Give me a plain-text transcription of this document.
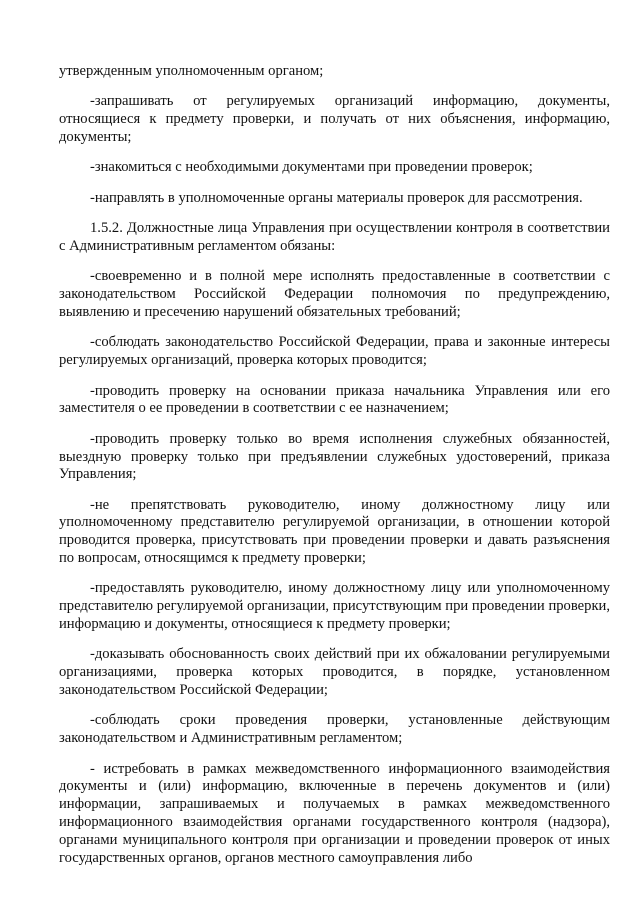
утвержденным уполномоченным органом;

-запрашивать от регулируемых организаций информацию, документы, относящиеся к предмету проверки, и получать от них объяснения, информацию, документы;

-знакомиться с необходимыми документами при проведении проверок;

-направлять в уполномоченные органы материалы проверок для рассмотрения.

1.5.2. Должностные лица Управления при осуществлении контроля в соответствии с Административным регламентом обязаны:

-своевременно и в полной мере исполнять предоставленные в соответствии с законодательством Российской Федерации полномочия по предупреждению, выявлению и пресечению нарушений обязательных требований;

-соблюдать законодательство Российской Федерации, права и законные интересы регулируемых организаций, проверка которых проводится;

-проводить проверку на основании приказа начальника Управления или его заместителя о ее проведении в соответствии с ее назначением;

-проводить проверку только во время исполнения служебных обязанностей, выездную проверку только при предъявлении служебных удостоверений, приказа Управления;

-не препятствовать руководителю, иному должностному лицу или уполномоченному представителю регулируемой организации, в отношении которой проводится проверка, присутствовать при проведении проверки и давать разъяснения по вопросам, относящимся к предмету проверки;

-предоставлять руководителю, иному должностному лицу или уполномоченному представителю регулируемой организации, присутствующим при проведении проверки, информацию и документы, относящиеся к предмету проверки;

-доказывать обоснованность своих действий при их обжаловании регулируемыми организациями, проверка которых проводится, в порядке, установленном законодательством Российской Федерации;

-соблюдать сроки проведения проверки, установленные действующим законодательством и Административным регламентом;

- истребовать в рамках межведомственного информационного взаимодействия документы и (или) информацию, включенные в перечень документов и (или) информации, запрашиваемых и получаемых в рамках межведомственного информационного взаимодействия органами государственного контроля (надзора), органами муниципального контроля при организации и проведении проверок от иных государственных органов, органов местного самоуправления либо
